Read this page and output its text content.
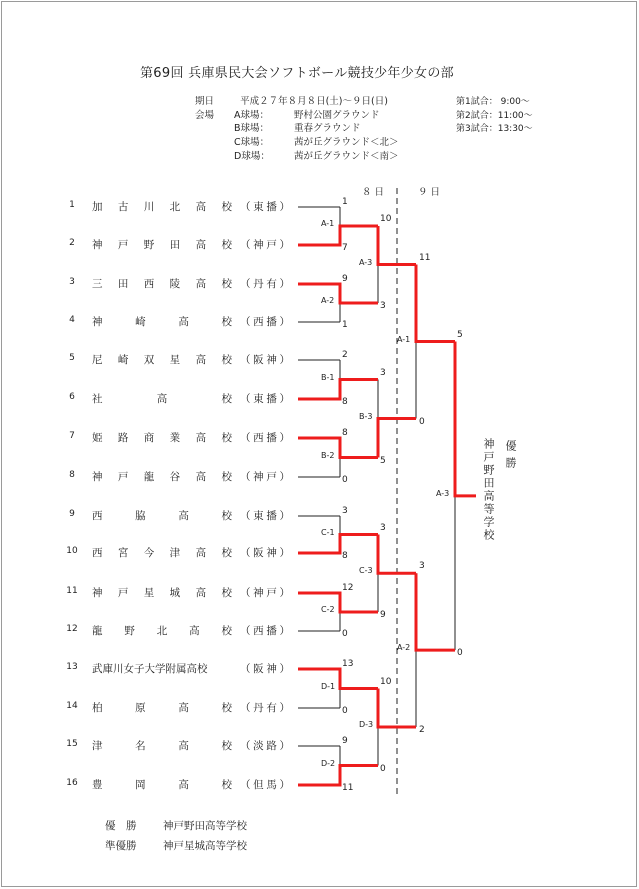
第69回 兵庫県民大会ソフトボール競技少年少女の部
期日	平成２７年８月８日(土)～９日(日)
会場 A球場：	野村公園グラウンド
B球場：	重春グラウンド
C球場：	茜が丘グラウンド＜北＞
D球場：	茜が丘グラウンド＜南＞
第1試合： 9:00～
第2試合：11:00～
第3試合：13:30～
８ 日	９ 日
1	加 古 川 北 高 校 （ 東 播 ）
2	神 戸 野 田 高 校 （ 神 戸 ）
3	三 田 西 陵 高 校 （ 丹 有 ）
4	神	崎	高	校 （ 西 播 ）
5	尼 崎 双 星 高 校 （ 阪 神 ）
6	社	高	校 （ 東 播 ）
7	姫 路 商 業 高 校 （ 西 播 ）
8	神 戸 龍 谷 高 校 （ 神 戸 ）
9	西	脇	高	校 （ 東 播 ）
10	西 宮 今 津 高 校 （ 阪 神 ）
11	神 戸 星 城 高 校 （ 神 戸 ）
12	龍 野 北 高 校 （ 西 播 ）
13	武 庫 川 女 子 大 学 附 属 高 校	（ 阪 神 ）
14	柏	原	高	校 （ 丹 有 ）
15	津	名	高	校 （ 淡 路 ）
16	豊	岡	高	校 （ 但 馬 ）
A-1
1
7
A-2
9
1
B-1
2
8
B-2
8
0
C-1
3
8
C-2
12
0
D-1
13
0
D-2
9
11
A-3
10
3
B-3
3
5
C-3
3
9
D-3
10
0
A-1
11
0
A-2
3
2
A-3
5
0
優勝
神戸野田高等学校
優　勝	神戸野田高等学校
準優勝	神戸星城高等学校
